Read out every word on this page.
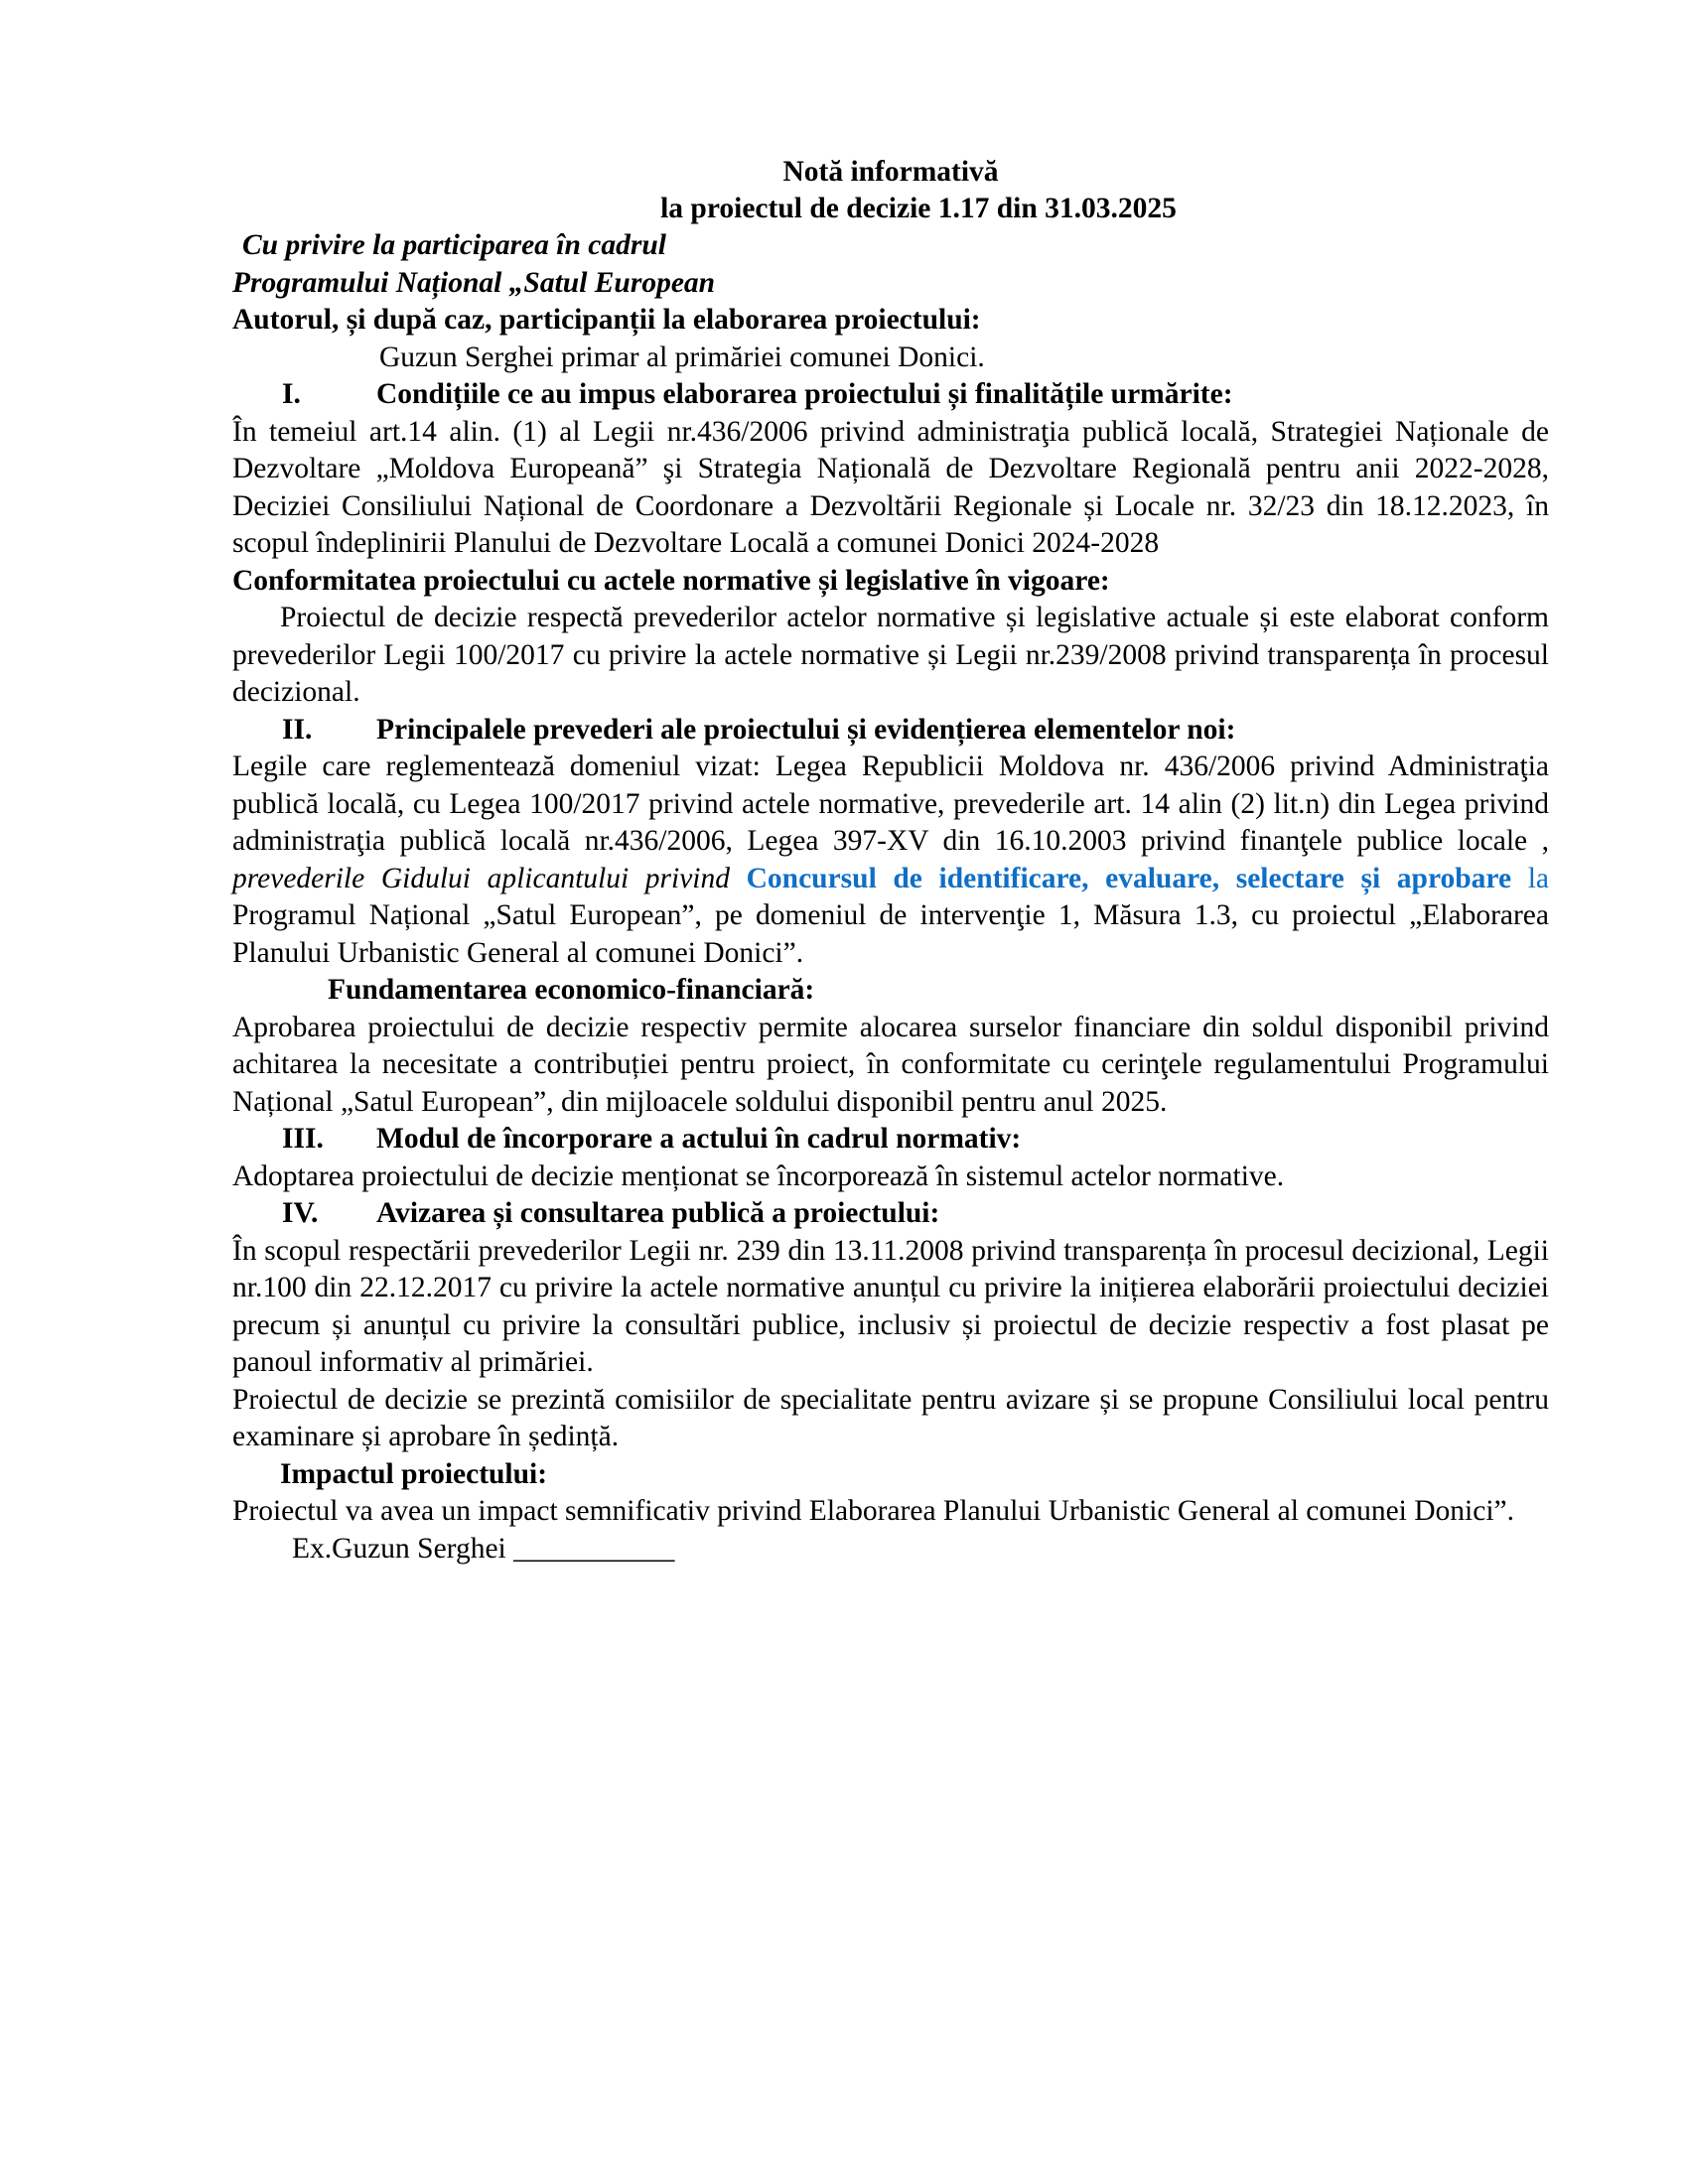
Notă informativă

la proiectul de decizie 1.17 din 31.03.2025

Cu privire la participarea în cadrul

Programului Național „Satul European

Autorul, și după caz, participanții la elaborarea proiectului:

Guzun Serghei primar al primăriei comunei Donici.

I.	Condițiile ce au impus elaborarea proiectului și finalitățile urmărite:

În temeiul art.14 alin. (1) al Legii nr.436/2006 privind administraţia publică locală, Strategiei Naționale de Dezvoltare „Moldova Europeană” şi Strategia Națională de Dezvoltare Regională pentru anii 2022-2028, Deciziei Consiliului Național de Coordonare a Dezvoltării Regionale și Locale nr. 32/23 din 18.12.2023, în scopul îndeplinirii Planului de Dezvoltare Locală a comunei Donici 2024-2028

Conformitatea proiectului cu actele normative și legislative în vigoare:

Proiectul de decizie respectă prevederilor actelor normative și legislative actuale și este elaborat conform prevederilor Legii 100/2017 cu privire la actele normative și Legii nr.239/2008 privind transparența în procesul decizional.

II.	Principalele prevederi ale proiectului și evidențierea elementelor noi:

Legile care reglementează domeniul vizat: Legea Republicii Moldova nr. 436/2006 privind Administraţia publică locală, cu Legea 100/2017 privind actele normative, prevederile art. 14 alin (2) lit.n) din Legea privind administraţia publică locală nr.436/2006, Legea 397-XV din 16.10.2003 privind finanţele publice locale , prevederile Gidului aplicantului privind Concursul de identificare, evaluare, selectare și aprobare la Programul Național „Satul European”, pe domeniul de intervenţie 1, Măsura 1.3, cu proiectul „Elaborarea Planului Urbanistic General al comunei Donici”.

Fundamentarea economico-financiară:

Aprobarea proiectului de decizie respectiv permite alocarea surselor financiare din soldul disponibil privind achitarea la necesitate a contribuției pentru proiect, în conformitate cu cerinţele regulamentului Programului Național „Satul European”, din mijloacele soldului disponibil pentru anul 2025.

III.	Modul de încorporare a actului în cadrul normativ:

Adoptarea proiectului de decizie menționat se încorporează în sistemul actelor normative.

IV.	Avizarea și consultarea publică a proiectului:

În scopul respectării prevederilor Legii nr. 239 din 13.11.2008 privind transparența în procesul decizional, Legii nr.100 din 22.12.2017 cu privire la actele normative anunțul cu privire la inițierea elaborării proiectului deciziei precum și anunțul cu privire la consultări publice, inclusiv și proiectul de decizie respectiv a fost plasat pe panoul informativ al primăriei.

Proiectul de decizie se prezintă comisiilor de specialitate pentru avizare și se propune Consiliului local pentru examinare și aprobare în ședință.

Impactul proiectului:

Proiectul va avea un impact semnificativ privind Elaborarea Planului Urbanistic General al comunei Donici”.

Ex.Guzun Serghei ___________
